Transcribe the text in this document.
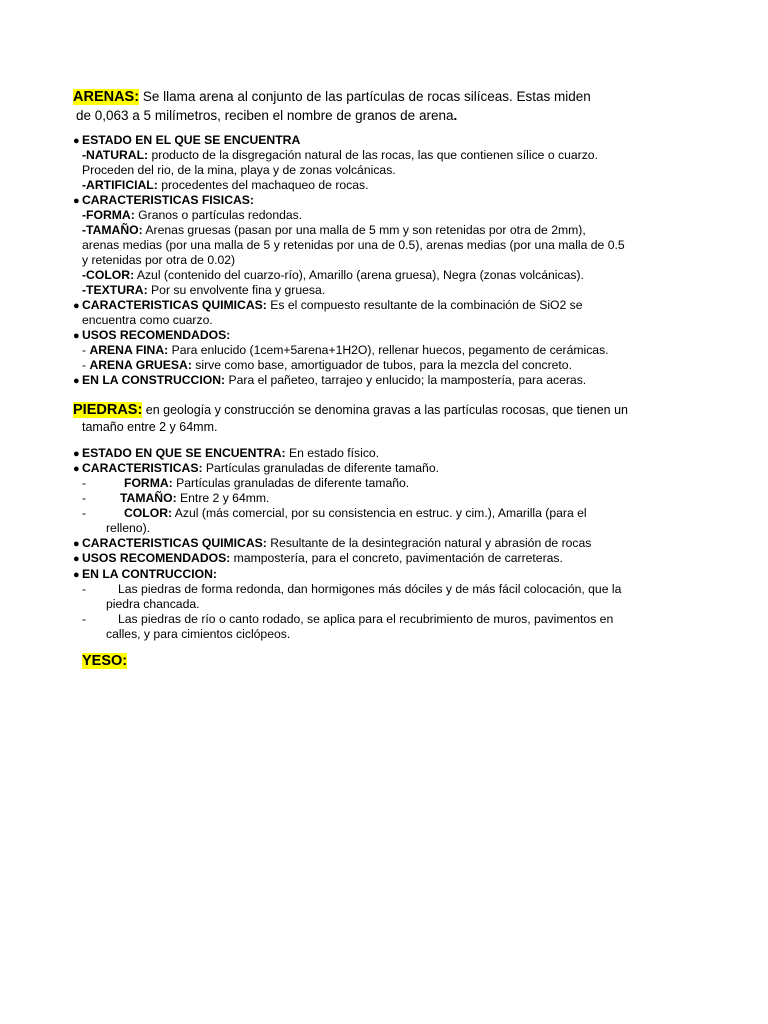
ARENAS: Se llama arena al conjunto de las partículas de rocas silíceas. Estas miden
de 0,063 a 5 milímetros, reciben el nombre de granos de arena.
● ESTADO EN EL QUE SE ENCUENTRA
-NATURAL: producto de la disgregación natural de las rocas, las que contienen sílice o cuarzo.
Proceden del rio, de la mina, playa y de zonas volcánicas.
-ARTIFICIAL: procedentes del machaqueo de rocas.
● CARACTERISTICAS FISICAS:
-FORMA: Granos o partículas redondas.
-TAMAÑO: Arenas gruesas (pasan por una malla de 5 mm y son retenidas por otra de 2mm),
arenas medias (por una malla de 5 y retenidas por una de 0.5), arenas medias (por una malla de 0.5
y retenidas por otra de 0.02)
-COLOR: Azul (contenido del cuarzo-río), Amarillo (arena gruesa), Negra (zonas volcánicas).
-TEXTURA: Por su envolvente fina y gruesa.
● CARACTERISTICAS QUIMICAS: Es el compuesto resultante de la combinación de SiO2 se
encuentra como cuarzo.
● USOS RECOMENDADOS:
- ARENA FINA: Para enlucido (1cem+5arena+1H2O), rellenar huecos, pegamento de cerámicas.
- ARENA GRUESA: sirve como base, amortiguador de tubos, para la mezcla del concreto.
● EN LA CONSTRUCCION: Para el pañeteo, tarrajeo y enlucido; la mampostería, para aceras.
PIEDRAS: en geología y construcción se denomina gravas a las partículas rocosas, que tienen un
tamaño entre 2 y 64mm.
● ESTADO EN QUE SE ENCUENTRA: En estado físico.
● CARACTERISTICAS: Partículas granuladas de diferente tamaño.
-	FORMA: Partículas granuladas de diferente tamaño.
-	TAMAÑO: Entre 2 y 64mm.
-	COLOR: Azul (más comercial, por su consistencia en estruc. y cim.), Amarilla (para el
relleno).
● CARACTERISTICAS QUIMICAS: Resultante de la desintegración natural y abrasión de rocas
● USOS RECOMENDADOS: mampostería, para el concreto, pavimentación de carreteras.
● EN LA CONTRUCCION:
-	Las piedras de forma redonda, dan hormigones más dóciles y de más fácil colocación, que la
piedra chancada.
-	Las piedras de río o canto rodado, se aplica para el recubrimiento de muros, pavimentos en
calles, y para cimientos ciclópeos.
YESO:
